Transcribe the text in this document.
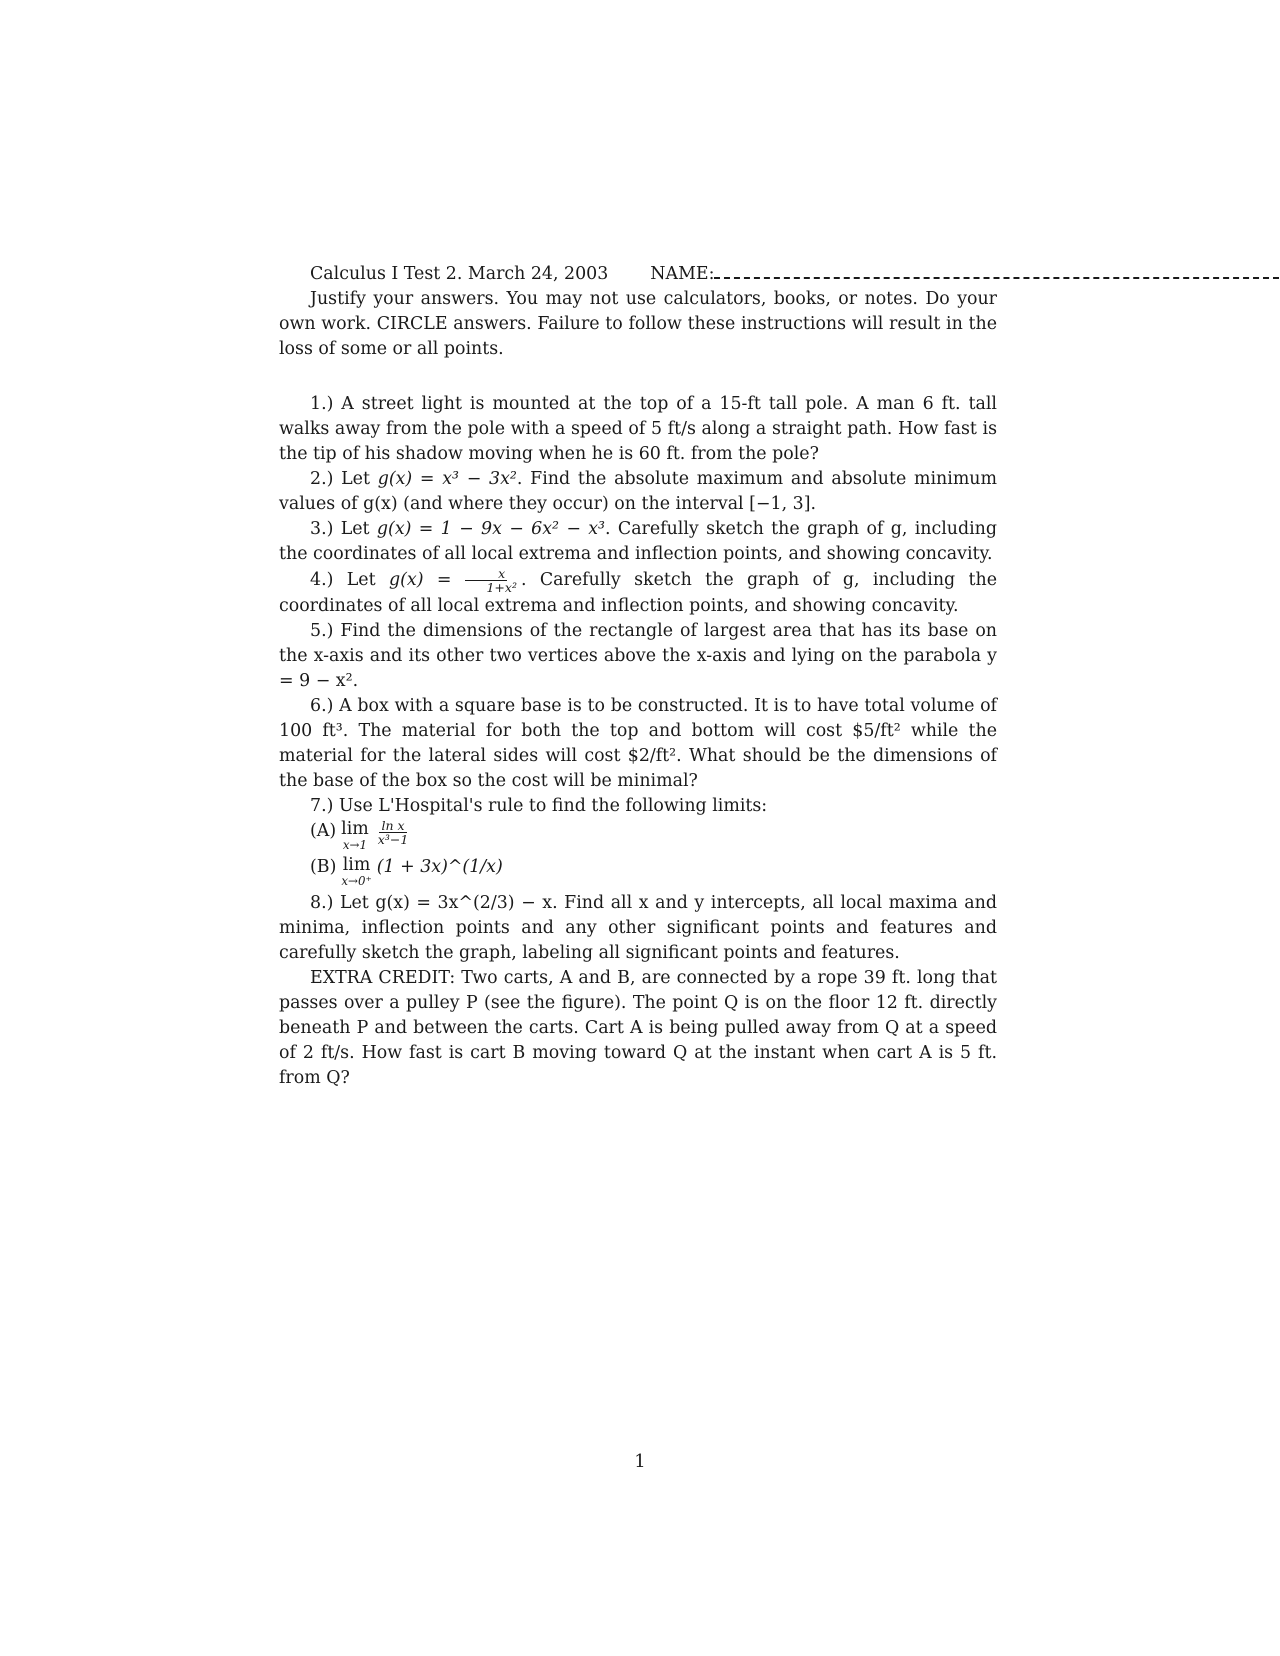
Calculus I Test 2. March 24, 2003 NAME:

Justify your answers. You may not use calculators, books, or notes. Do your own work. CIRCLE answers. Failure to follow these instructions will result in the loss of some or all points.

1.) A street light is mounted at the top of a 15-ft tall pole. A man 6 ft. tall walks away from the pole with a speed of 5 ft/s along a straight path. How fast is the tip of his shadow moving when he is 60 ft. from the pole?

2.) Let g(x) = x³ − 3x². Find the absolute maximum and absolute minimum values of g(x) (and where they occur) on the interval [−1, 3].

3.) Let g(x) = 1 − 9x − 6x² − x³. Carefully sketch the graph of g, including the coordinates of all local extrema and inflection points, and showing concavity.

4.) Let $g(x) = \frac{x}{\text{1+x²}}$ . Carefully sketch the graph of g, including the coordinates of all local extrema and inflection points, and showing concavity.

5.) Find the dimensions of the rectangle of largest area that has its base on the x-axis and its other two vertices above the x-axis and lying on the parabola y = 9 − x².

6.) A box with a square base is to be constructed. It is to have total volume of 100 ft³. The material for both the top and bottom will cost $5/ft² while the material for the lateral sides will cost $2/ft². What should be the dimensions of the base of the box so the cost will be minimal?

7.) Use L'Hospital's rule to find the following limits:

(A) lim
$x\to 1 \frac{\text{ln x}}{\text{x³−1}}$
(B) lim
x→0⁺
(1 + 3x)^(1/x)

8.) Let g(x) = 3x^(2/3) − x. Find all x and y intercepts, all local maxima and minima, inflection points and any other significant points and features and carefully sketch the graph, labeling all significant points and features.

EXTRA CREDIT: Two carts, A and B, are connected by a rope 39 ft. long that passes over a pulley P (see the figure). The point Q is on the floor 12 ft. directly beneath P and between the carts. Cart A is being pulled away from Q at a speed of 2 ft/s. How fast is cart B moving toward Q at the instant when cart A is 5 ft. from Q?

1
